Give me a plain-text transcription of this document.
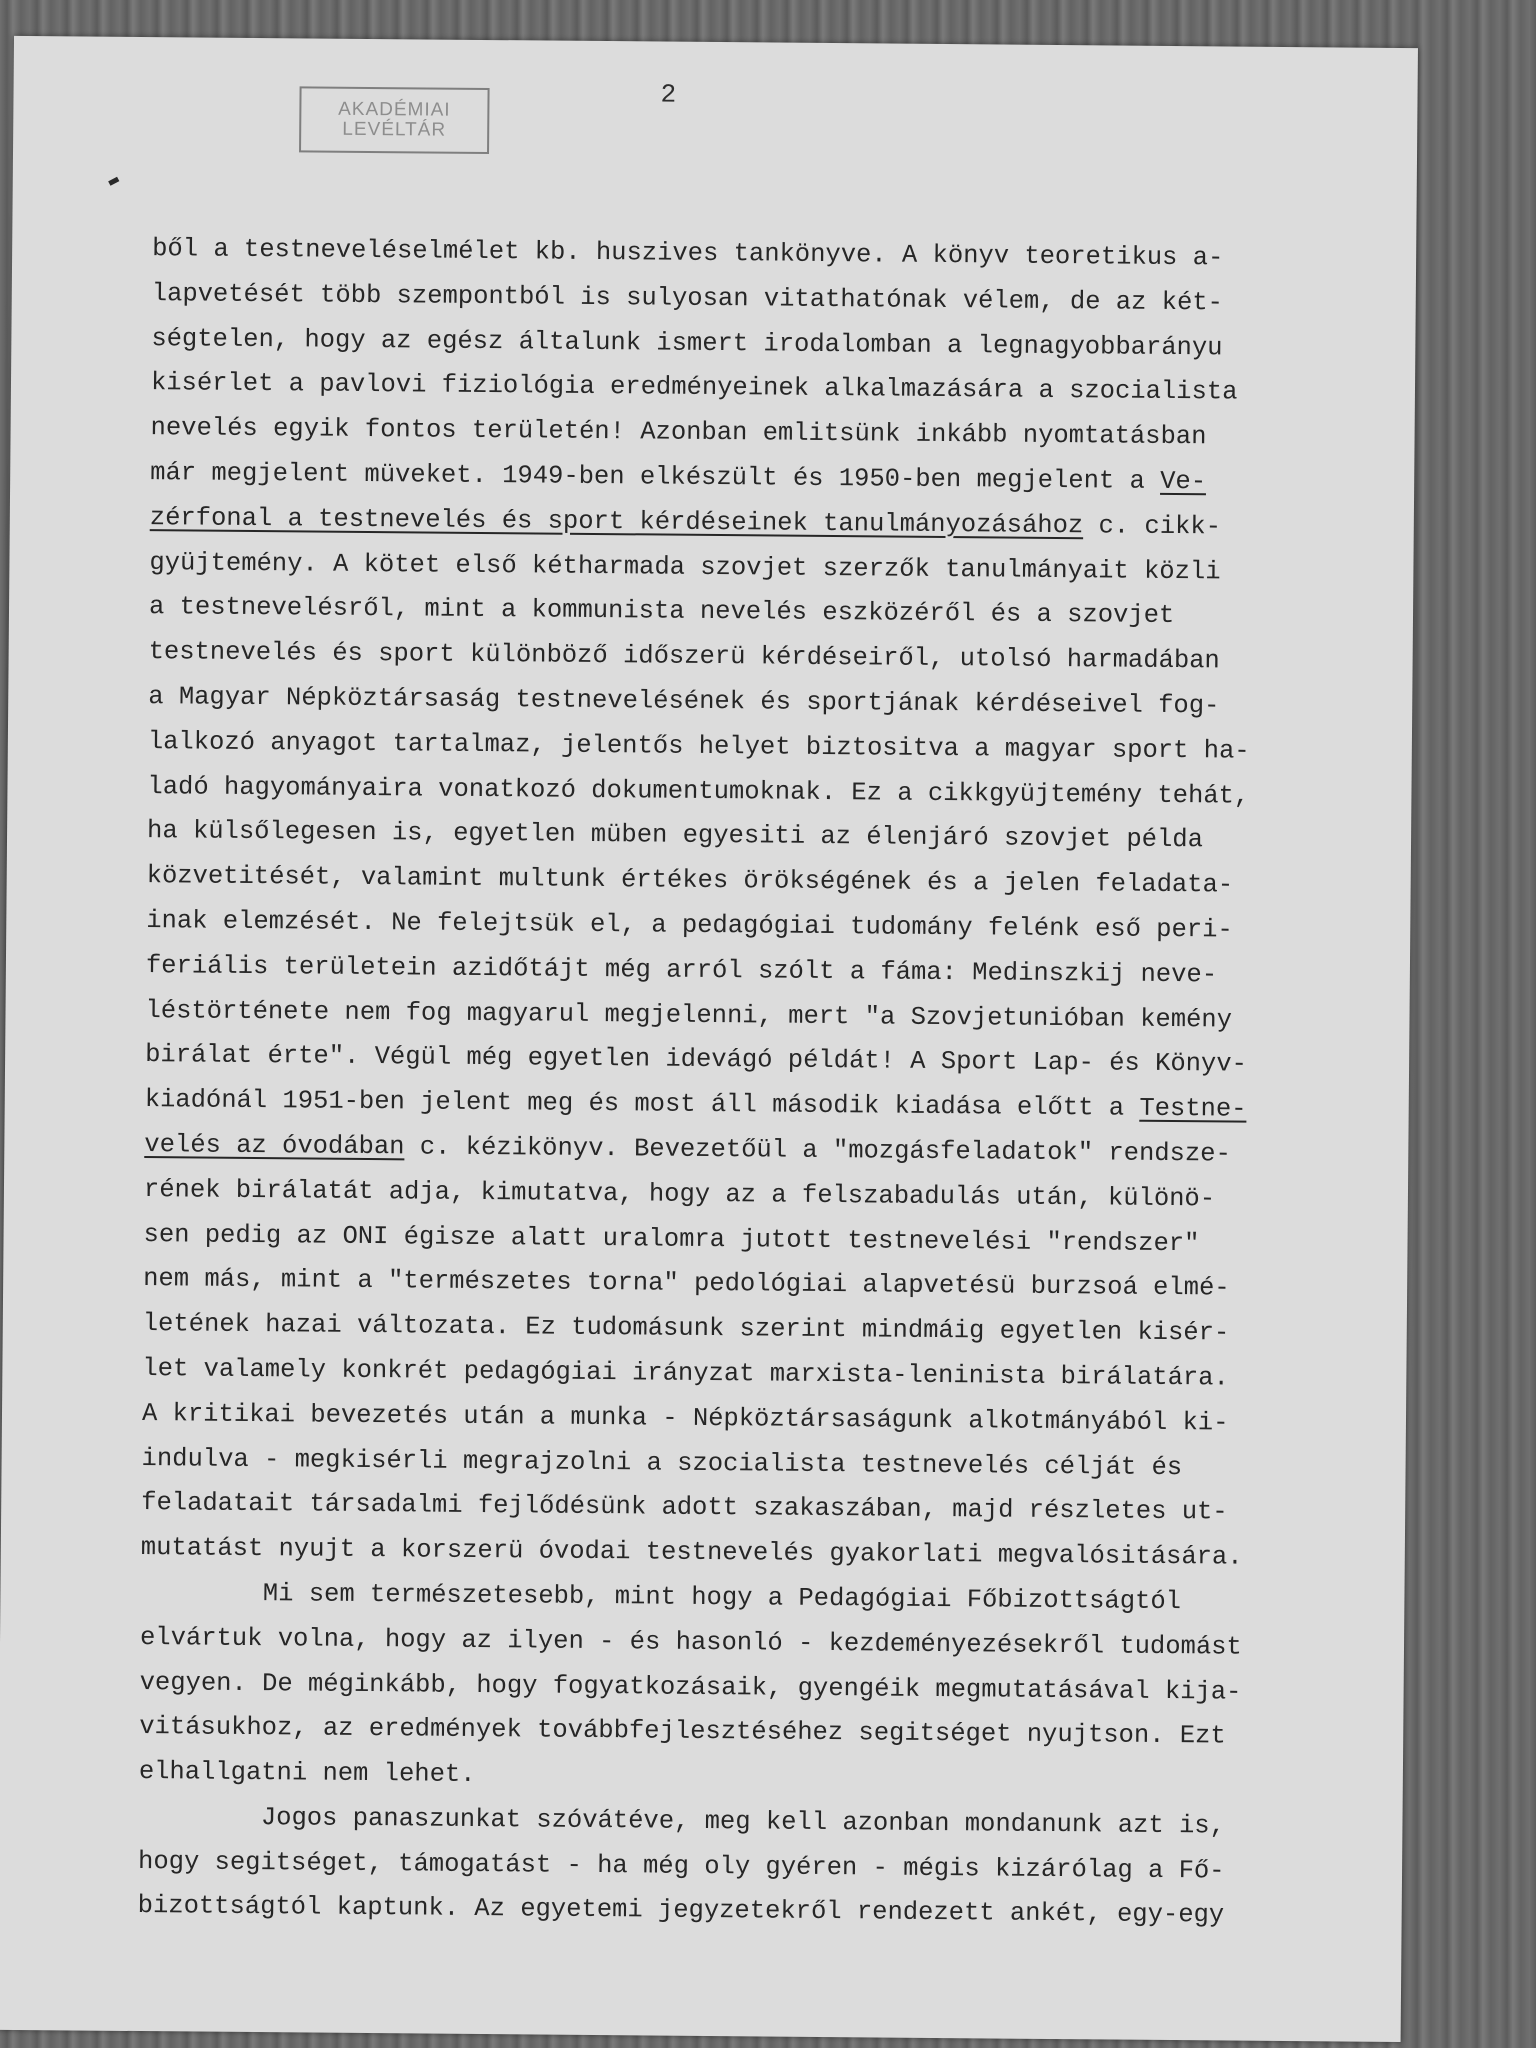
AKADÉMIAI
LEVÉLTÁR
2
ből a testneveléselmélet kb. huszives tankönyve. A könyv teoretikus a-
lapvetését több szempontból is sulyosan vitathatónak vélem, de az két-
ségtelen, hogy az egész általunk ismert irodalomban a legnagyobbarányu
kisérlet a pavlovi fiziológia eredményeinek alkalmazására a szocialista
nevelés egyik fontos területén! Azonban emlitsünk inkább nyomtatásban
már megjelent müveket. 1949-ben elkészült és 1950-ben megjelent a Ve-
zérfonal a testnevelés és sport kérdéseinek tanulmányozásához c. cikk-
gyüjtemény. A kötet első kétharmada szovjet szerzők tanulmányait közli
a testnevelésről, mint a kommunista nevelés eszközéről és a szovjet
testnevelés és sport különböző időszerü kérdéseiről, utolsó harmadában
a Magyar Népköztársaság testnevelésének és sportjának kérdéseivel fog-
lalkozó anyagot tartalmaz, jelentős helyet biztositva a magyar sport ha-
ladó hagyományaira vonatkozó dokumentumoknak. Ez a cikkgyüjtemény tehát,
ha külsőlegesen is, egyetlen müben egyesiti az élenjáró szovjet példa
közvetitését, valamint multunk értékes örökségének és a jelen feladata-
inak elemzését. Ne felejtsük el, a pedagógiai tudomány felénk eső peri-
feriális területein azidőtájt még arról szólt a fáma: Medinszkij neve-
léstörténete nem fog magyarul megjelenni, mert "a Szovjetunióban kemény
birálat érte". Végül még egyetlen idevágó példát! A Sport Lap- és Könyv-
kiadónál 1951-ben jelent meg és most áll második kiadása előtt a Testne-
velés az óvodában c. kézikönyv. Bevezetőül a "mozgásfeladatok" rendsze-
rének birálatát adja, kimutatva, hogy az a felszabadulás után, különö-
sen pedig az ONI égisze alatt uralomra jutott testnevelési "rendszer"
nem más, mint a "természetes torna" pedológiai alapvetésü burzsoá elmé-
letének hazai változata. Ez tudomásunk szerint mindmáig egyetlen kisér-
let valamely konkrét pedagógiai irányzat marxista-leninista birálatára.
A kritikai bevezetés után a munka - Népköztársaságunk alkotmányából ki-
indulva - megkisérli megrajzolni a szocialista testnevelés célját és
feladatait társadalmi fejlődésünk adott szakaszában, majd részletes ut-
mutatást nyujt a korszerü óvodai testnevelés gyakorlati megvalósitására.
Mi sem természetesebb, mint hogy a Pedagógiai Főbizottságtól
elvártuk volna, hogy az ilyen - és hasonló - kezdeményezésekről tudomást
vegyen. De méginkább, hogy fogyatkozásaik, gyengéik megmutatásával kija-
vitásukhoz, az eredmények továbbfejlesztéséhez segitséget nyujtson. Ezt
elhallgatni nem lehet.
Jogos panaszunkat szóvátéve, meg kell azonban mondanunk azt is,
hogy segitséget, támogatást - ha még oly gyéren - mégis kizárólag a Fő-
bizottságtól kaptunk. Az egyetemi jegyzetekről rendezett ankét, egy-egy
